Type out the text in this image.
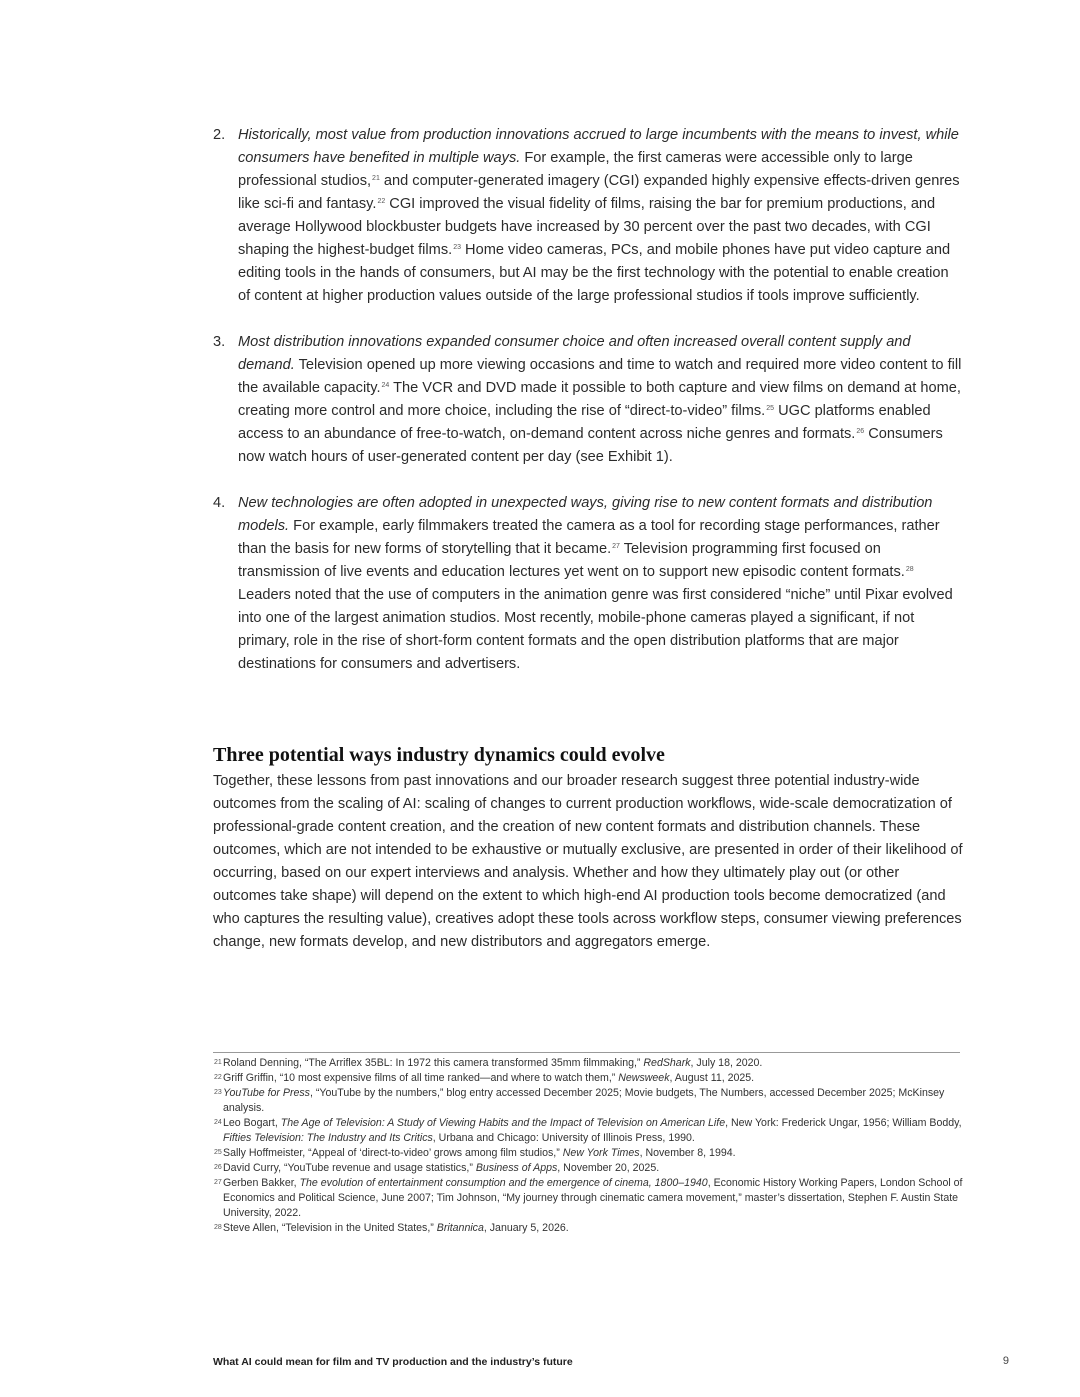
2. Historically, most value from production innovations accrued to large incumbents with the means to invest, while consumers have benefited in multiple ways. For example, the first cameras were accessible only to large professional studios,$^{21}$ and computer-generated imagery (CGI) expanded highly expensive effects-driven genres like sci-fi and fantasy.$^{22}$ CGI improved the visual fidelity of films, raising the bar for premium productions, and average Hollywood blockbuster budgets have increased by 30 percent over the past two decades, with CGI shaping the highest-budget films.$^{23}$ Home video cameras, PCs, and mobile phones have put video capture and editing tools in the hands of consumers, but AI may be the first technology with the potential to enable creation of content at higher production values outside of the large professional studios if tools improve sufficiently.
3. Most distribution innovations expanded consumer choice and often increased overall content supply and demand. Television opened up more viewing occasions and time to watch and required more video content to fill the available capacity.$^{24}$ The VCR and DVD made it possible to both capture and view films on demand at home, creating more control and more choice, including the rise of “direct-to-video” films.$^{25}$ UGC platforms enabled access to an abundance of free-to-watch, on-demand content across niche genres and formats.$^{26}$ Consumers now watch hours of user-generated content per day (see Exhibit 1).
4. New technologies are often adopted in unexpected ways, giving rise to new content formats and distribution models. For example, early filmmakers treated the camera as a tool for recording stage performances, rather than the basis for new forms of storytelling that it became.$^{27}$ Television programming first focused on transmission of live events and education lectures yet went on to support new episodic content formats.$^{28}$ Leaders noted that the use of computers in the animation genre was first considered “niche” until Pixar evolved into one of the largest animation studios. Most recently, mobile-phone cameras played a significant, if not primary, role in the rise of short-form content formats and the open distribution platforms that are major destinations for consumers and advertisers.
Three potential ways industry dynamics could evolve

Together, these lessons from past innovations and our broader research suggest three potential industry-wide outcomes from the scaling of AI: scaling of changes to current production workflows, wide-scale democratization of professional-grade content creation, and the creation of new content formats and distribution channels. These outcomes, which are not intended to be exhaustive or mutually exclusive, are presented in order of their likelihood of occurring, based on our expert interviews and analysis. Whether and how they ultimately play out (or other outcomes take shape) will depend on the extent to which high-end AI production tools become democratized (and who captures the resulting value), creatives adopt these tools across workflow steps, consumer viewing preferences change, new formats develop, and new distributors and aggregators emerge.

21 Roland Denning, “The Arriflex 35BL: In 1972 this camera transformed 35mm filmmaking,” RedShark, July 18, 2020.
22 Griff Griffin, “10 most expensive films of all time ranked—and where to watch them,” Newsweek, August 11, 2025.
23 YouTube for Press, “YouTube by the numbers,” blog entry accessed December 2025; Movie budgets, The Numbers, accessed December 2025; McKinsey analysis.
24 Leo Bogart, The Age of Television: A Study of Viewing Habits and the Impact of Television on American Life, New York: Frederick Ungar, 1956; William Boddy, Fifties Television: The Industry and Its Critics, Urbana and Chicago: University of Illinois Press, 1990.
25 Sally Hoffmeister, “Appeal of ‘direct-to-video’ grows among film studios,” New York Times, November 8, 1994.
26 David Curry, “YouTube revenue and usage statistics,” Business of Apps, November 20, 2025.
27 Gerben Bakker, The evolution of entertainment consumption and the emergence of cinema, 1800–1940, Economic History Working Papers, London School of Economics and Political Science, June 2007; Tim Johnson, “My journey through cinematic camera movement,” master’s dissertation, Stephen F. Austin State University, 2022.
28 Steve Allen, “Television in the United States,” Britannica, January 5, 2026.
What AI could mean for film and TV production and the industry’s future	9
